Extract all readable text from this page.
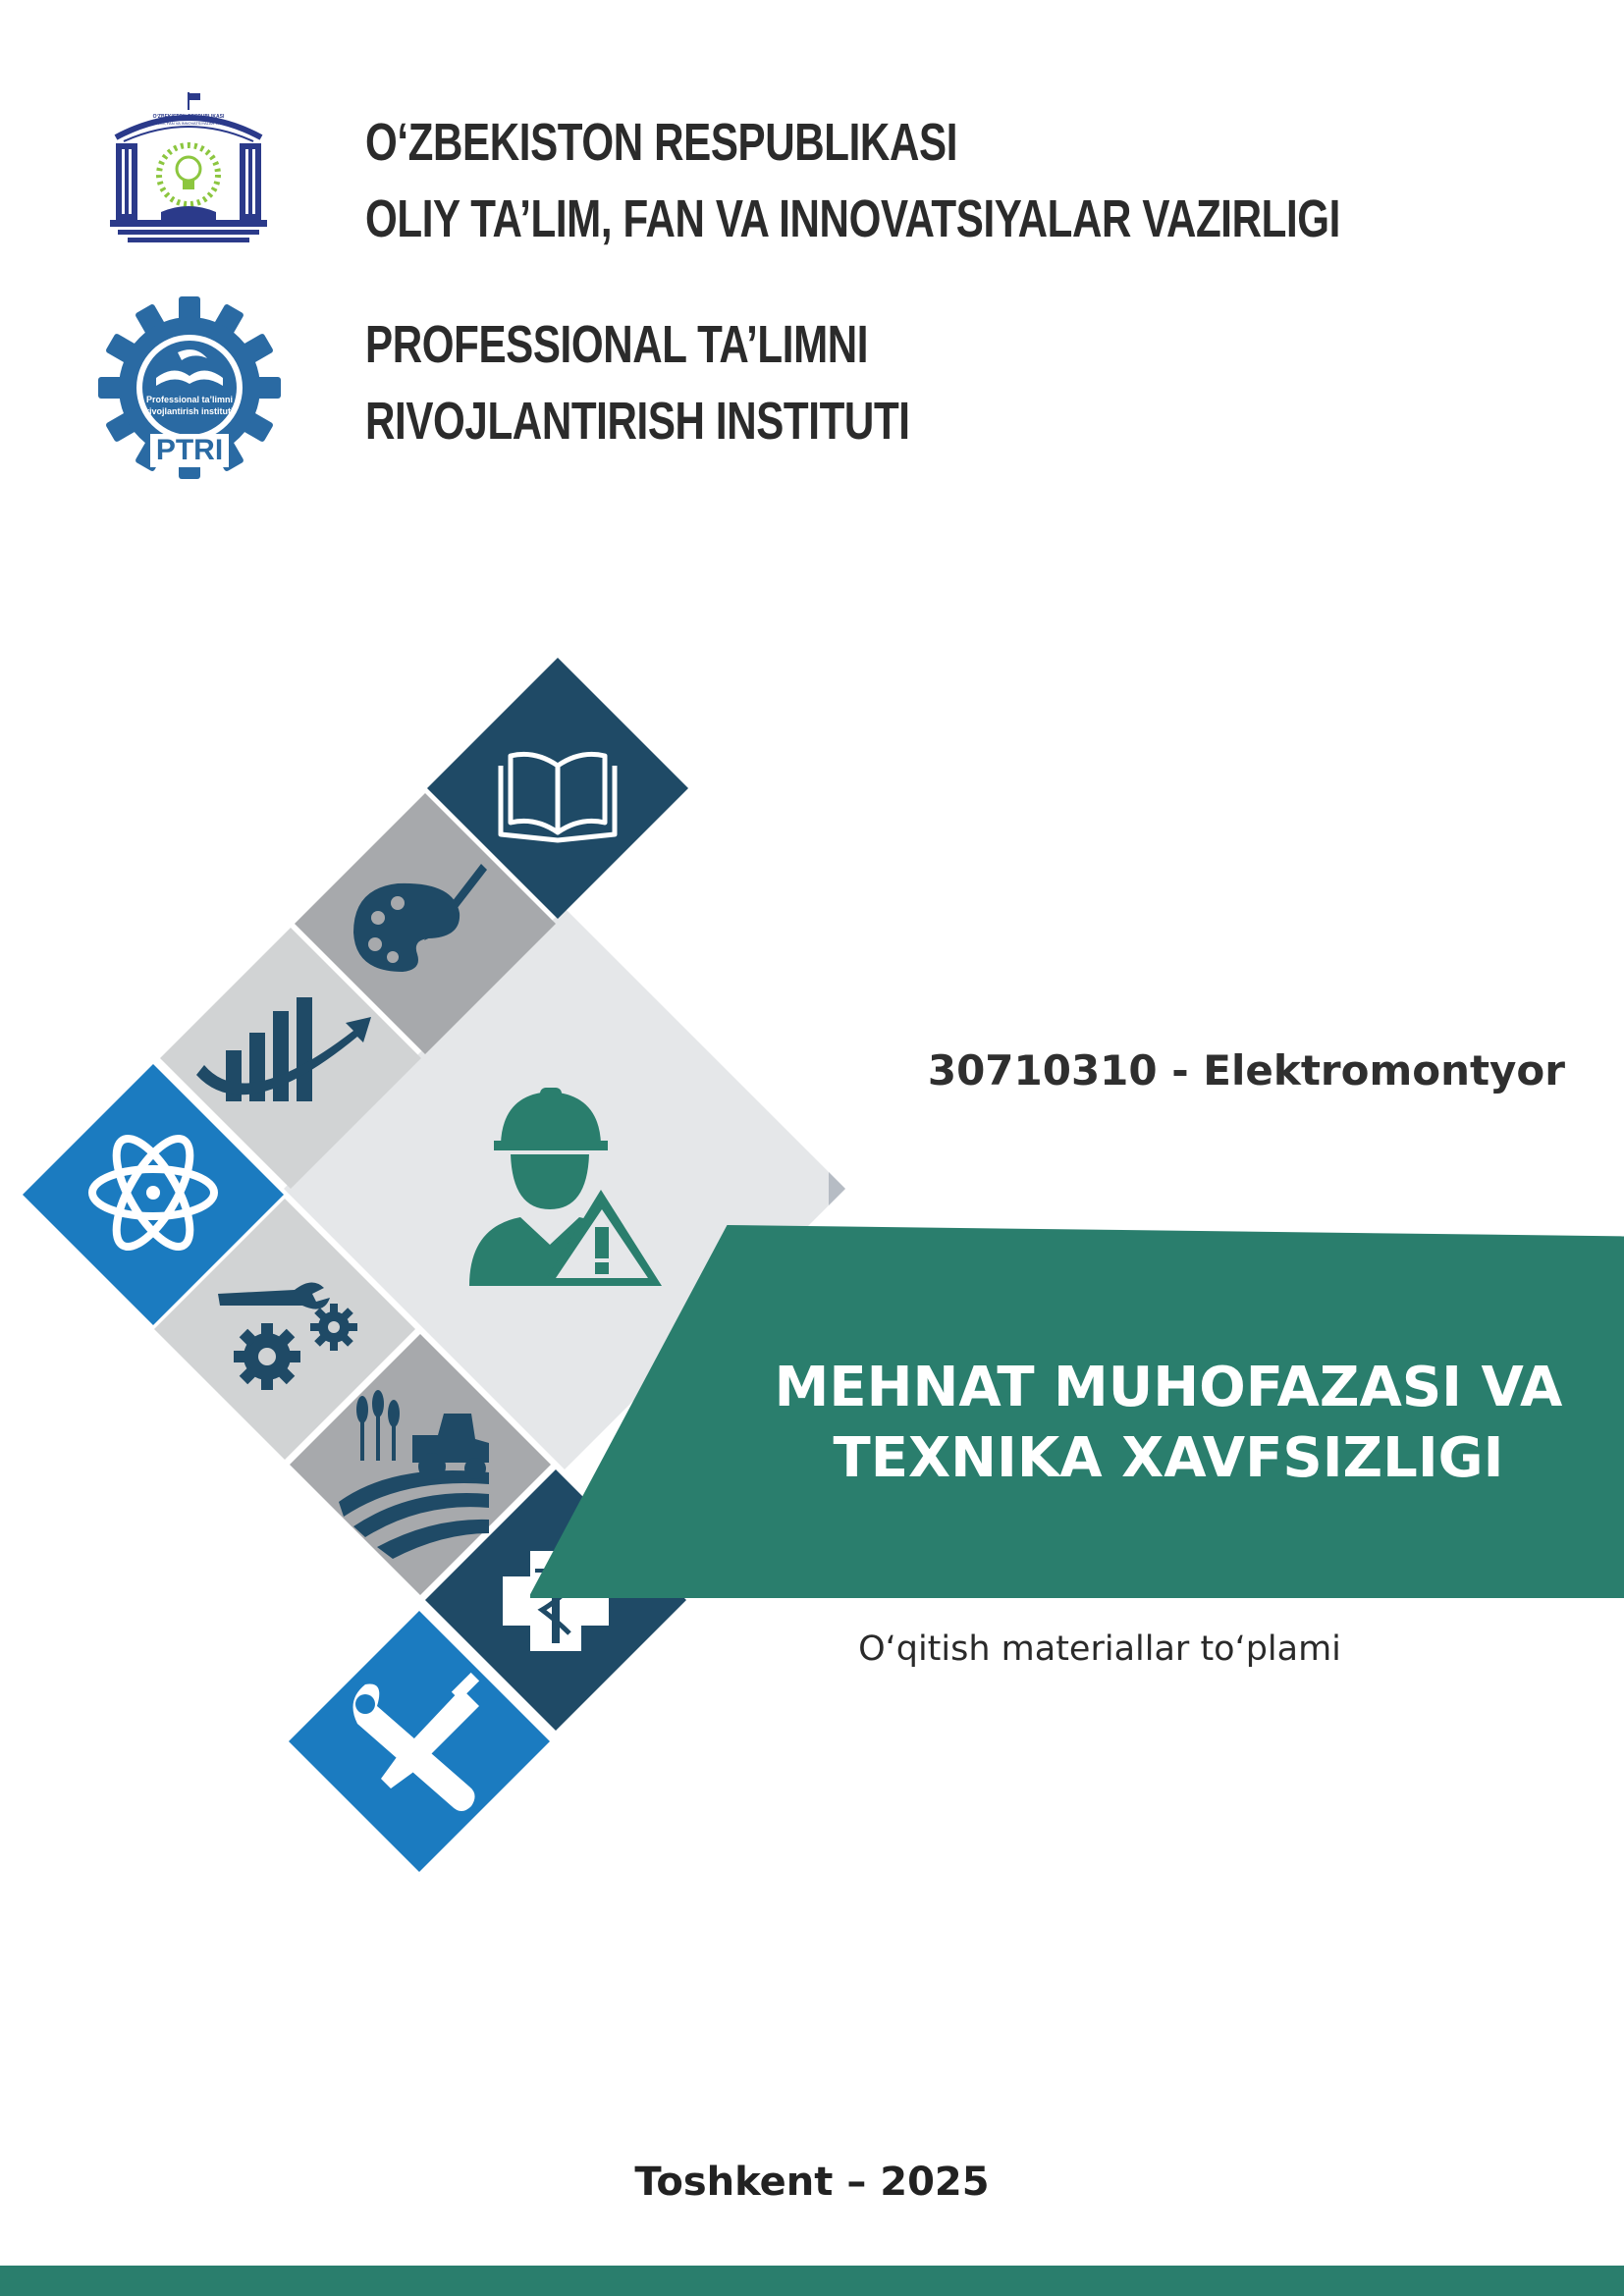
O‘ZBEKISTON RESPUBLIKASI
OLIY TA’LIM, FAN VA INNOVATSIYALAR VAZIRLIGI O‘ZBEKISTON RESPUBLIKASI
OLIY TA’LIM, FAN VA INNOVATSIYALAR VAZIRLIGI
Professional ta’limni
rivojlantirish instituti
PTRI
PROFESSIONAL TA’LIMNI
RIVOJLANTIRISH INSTITUTI
30710310 - Elektromontyor
MEHNAT MUHOFAZASI VA
TEXNIKA XAVFSIZLIGI
O‘qitish materiallar to‘plami
Toshkent – 2025
